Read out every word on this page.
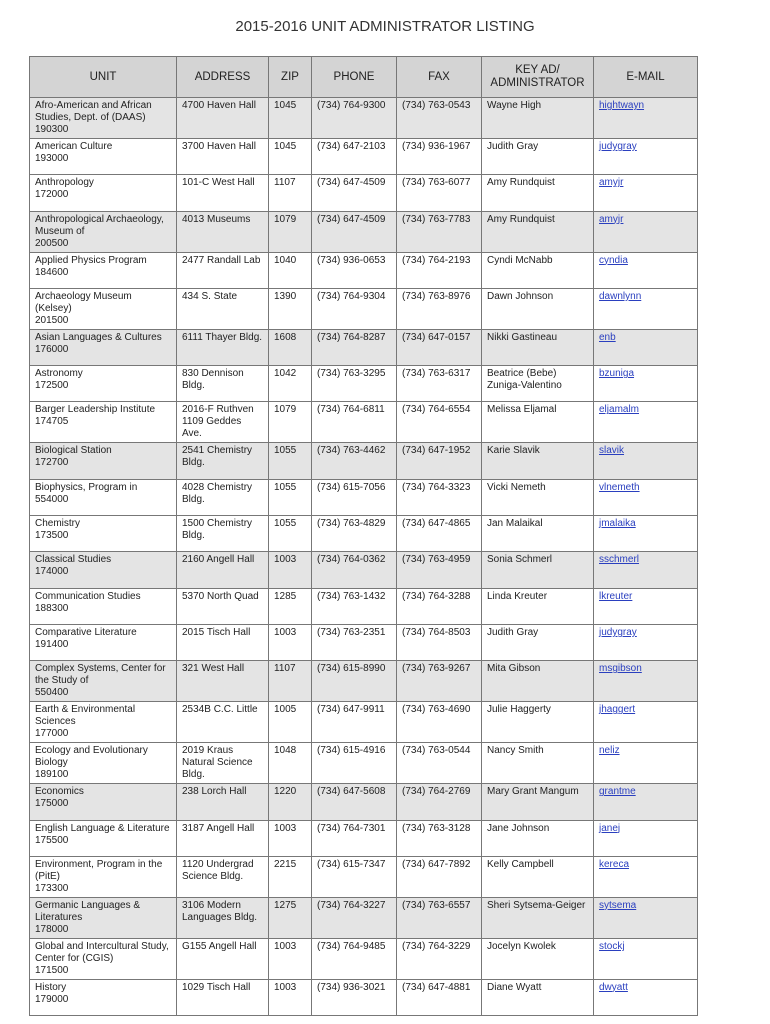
2015-2016 UNIT ADMINISTRATOR LISTING
UNIT	ADDRESS	ZIP	PHONE	FAX	KEY AD/ ADMINISTRATOR	E-MAIL

Afro-American and African Studies, Dept. of (DAAS)
190300	4700 Haven Hall	1045	(734) 764-9300	(734) 763-0543	Wayne High	hightwayn

American Culture
193000	3700 Haven Hall	1045	(734) 647-2103	(734) 936-1967	Judith Gray	judygray

Anthropology
172000	101-C West Hall	1107	(734) 647-4509	(734) 763-6077	Amy Rundquist	amyjr

Anthropological Archaeology, Museum of
200500	4013 Museums	1079	(734) 647-4509	(734) 763-7783	Amy Rundquist	amyjr

Applied Physics Program
184600	2477 Randall Lab	1040	(734) 936-0653	(734) 764-2193	Cyndi McNabb	cyndia

Archaeology Museum (Kelsey)
201500	434 S. State	1390	(734) 764-9304	(734) 763-8976	Dawn Johnson	dawnlynn

Asian Languages & Cultures
176000	6111 Thayer Bldg.	1608	(734) 764-8287	(734) 647-0157	Nikki Gastineau	enb

Astronomy
172500	830 Dennison Bldg.	1042	(734) 763-3295	(734) 763-6317	Beatrice (Bebe) Zuniga-Valentino	bzuniga

Barger Leadership Institute
174705	2016-F Ruthven 1109 Geddes Ave.	1079	(734) 764-6811	(734) 764-6554	Melissa Eljamal	eljamalm

Biological Station
172700	2541 Chemistry Bldg.	1055	(734) 763-4462	(734) 647-1952	Karie Slavik	slavik

Biophysics, Program in
554000	4028 Chemistry Bldg.	1055	(734) 615-7056	(734) 764-3323	Vicki Nemeth	vlnemeth

Chemistry
173500	1500 Chemistry Bldg.	1055	(734) 763-4829	(734) 647-4865	Jan Malaikal	jmalaika

Classical Studies
174000	2160 Angell Hall	1003	(734) 764-0362	(734) 763-4959	Sonia Schmerl	sschmerl

Communication Studies
188300	5370 North Quad	1285	(734) 763-1432	(734) 764-3288	Linda Kreuter	lkreuter

Comparative Literature
191400	2015 Tisch Hall	1003	(734) 763-2351	(734) 764-8503	Judith Gray	judygray

Complex Systems, Center for the Study of
550400	321 West Hall	1107	(734) 615-8990	(734) 763-9267	Mita Gibson	msgibson

Earth & Environmental Sciences
177000	2534B C.C. Little	1005	(734) 647-9911	(734) 763-4690	Julie Haggerty	jhaggert

Ecology and Evolutionary Biology
189100	2019 Kraus Natural Science Bldg.	1048	(734) 615-4916	(734) 763-0544	Nancy Smith	neliz

Economics
175000	238 Lorch Hall	1220	(734) 647-5608	(734) 764-2769	Mary Grant Mangum	grantme

English Language & Literature
175500	3187 Angell Hall	1003	(734) 764-7301	(734) 763-3128	Jane Johnson	janej

Environment, Program in the (PitE)
173300	1120 Undergrad Science Bldg.	2215	(734) 615-7347	(734) 647-7892	Kelly Campbell	kereca

Germanic Languages & Literatures
178000	3106 Modern Languages Bldg.	1275	(734) 764-3227	(734) 763-6557	Sheri Sytsema-Geiger	sytsema

Global and Intercultural Study, Center for (CGIS)
171500	G155 Angell Hall	1003	(734) 764-9485	(734) 764-3229	Jocelyn Kwolek	stockj

History
179000	1029 Tisch Hall	1003	(734) 936-3021	(734) 647-4881	Diane Wyatt	dwyatt
